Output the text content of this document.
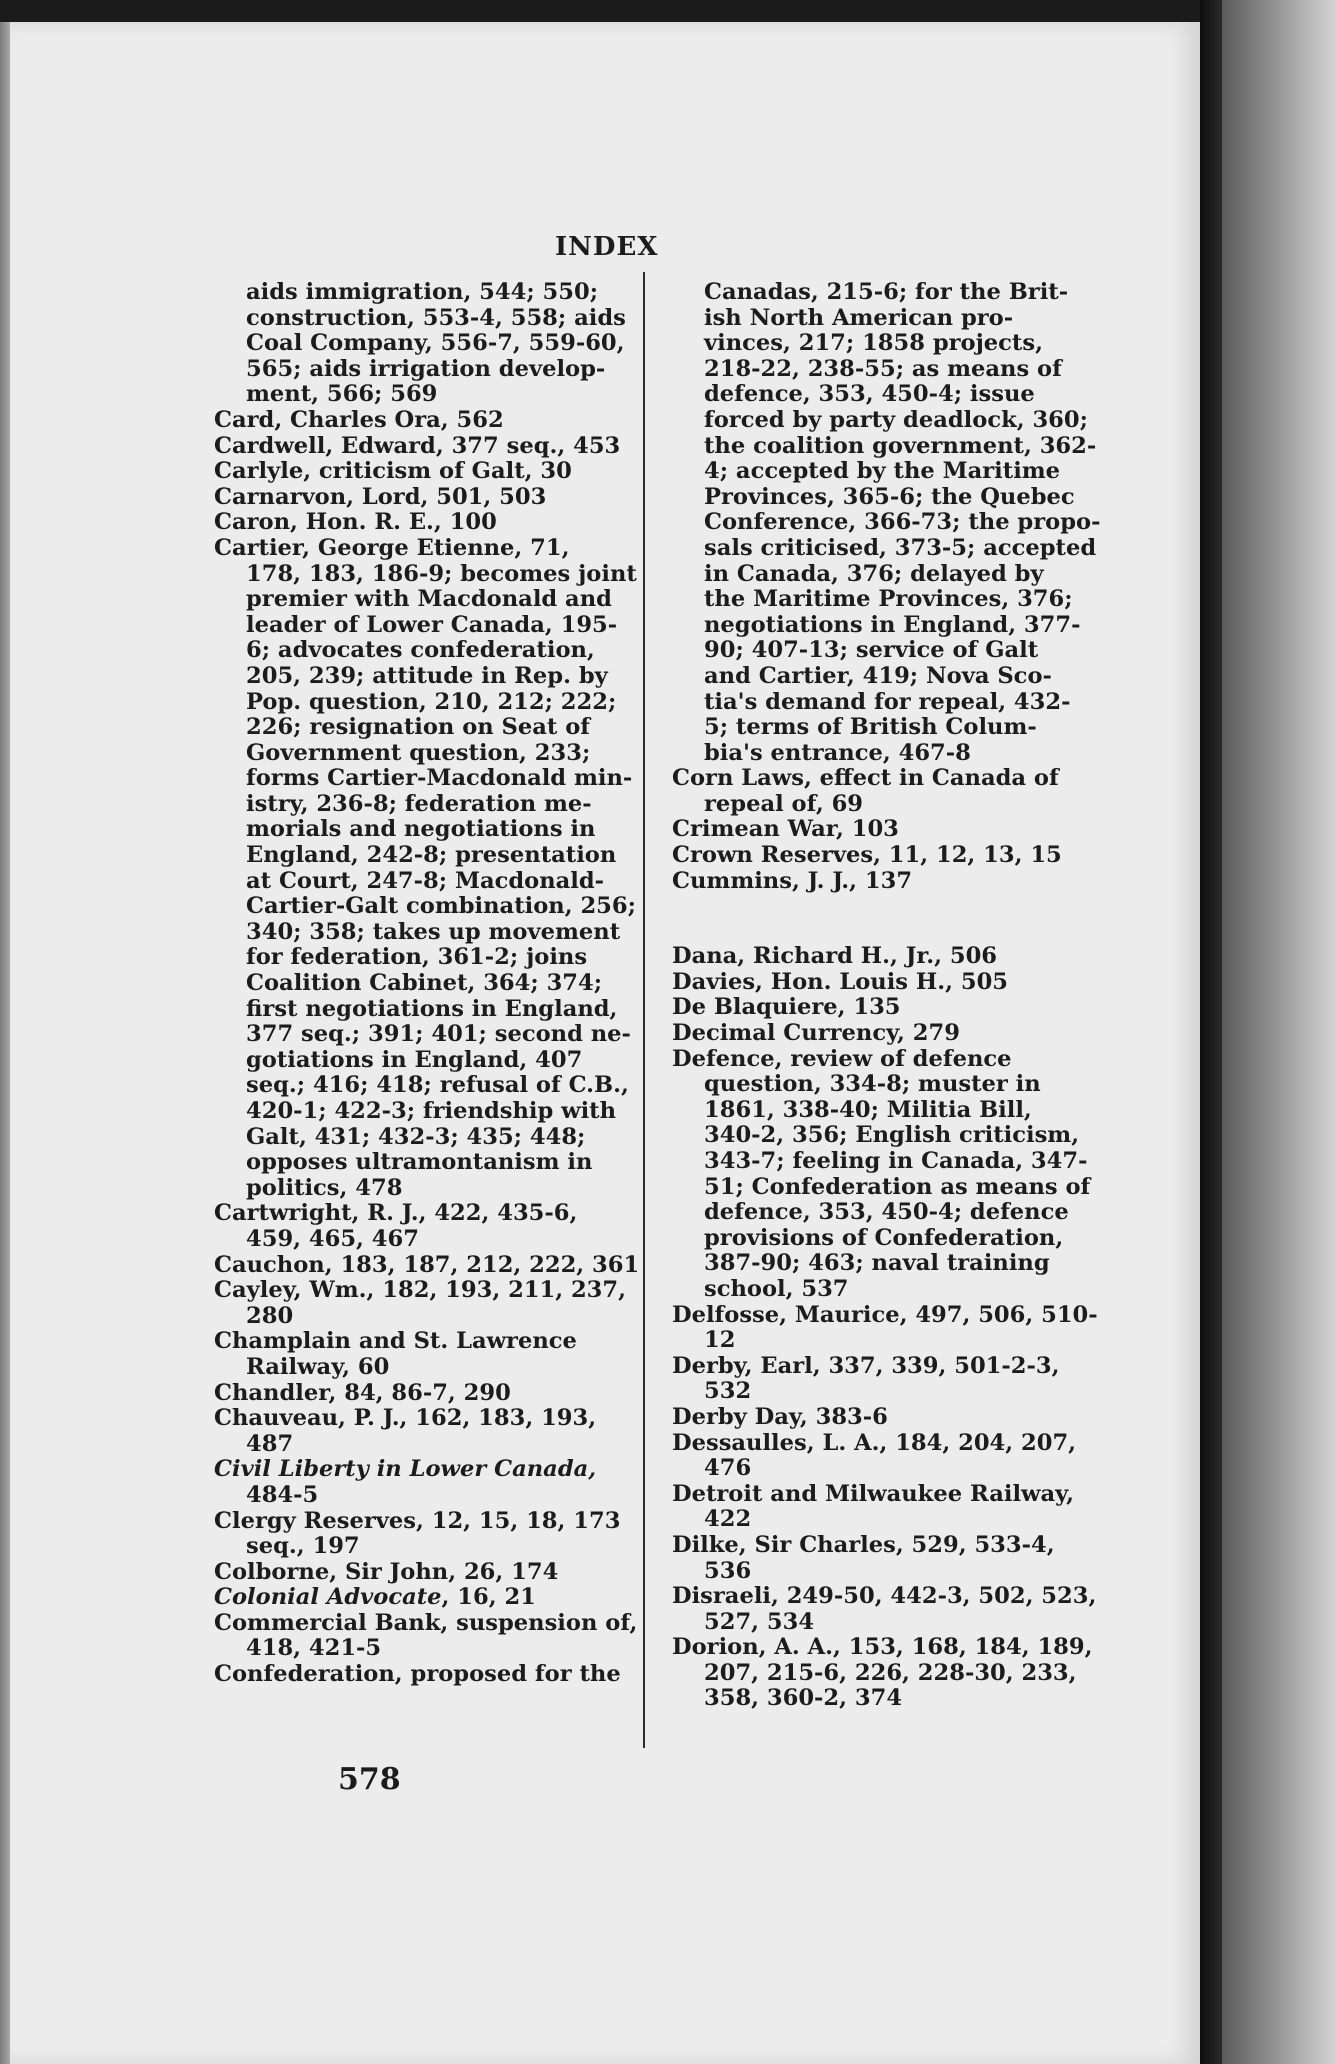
INDEX
aids immigration, 544; 550;
construction, 553-4, 558; aids
Coal Company, 556-7, 559-60,
565; aids irrigation develop-
ment, 566; 569
Card, Charles Ora, 562
Cardwell, Edward, 377 seq., 453
Carlyle, criticism of Galt, 30
Carnarvon, Lord, 501, 503
Caron, Hon. R. E., 100
Cartier, George Etienne, 71,
178, 183, 186-9; becomes joint
premier with Macdonald and
leader of Lower Canada, 195-
6; advocates confederation,
205, 239; attitude in Rep. by
Pop. question, 210, 212; 222;
226; resignation on Seat of
Government question, 233;
forms Cartier-Macdonald min-
istry, 236-8; federation me-
morials and negotiations in
England, 242-8; presentation
at Court, 247-8; Macdonald-
Cartier-Galt combination, 256;
340; 358; takes up movement
for federation, 361-2; joins
Coalition Cabinet, 364; 374;
first negotiations in England,
377 seq.; 391; 401; second ne-
gotiations in England, 407
seq.; 416; 418; refusal of C.B.,
420-1; 422-3; friendship with
Galt, 431; 432-3; 435; 448;
opposes ultramontanism in
politics, 478
Cartwright, R. J., 422, 435-6,
459, 465, 467
Cauchon, 183, 187, 212, 222, 361
Cayley, Wm., 182, 193, 211, 237,
280
Champlain and St. Lawrence
Railway, 60
Chandler, 84, 86-7, 290
Chauveau, P. J., 162, 183, 193,
487
Civil Liberty in Lower Canada,
484-5
Clergy Reserves, 12, 15, 18, 173
seq., 197
Colborne, Sir John, 26, 174
Colonial Advocate, 16, 21
Commercial Bank, suspension of,
418, 421-5
Confederation, proposed for the
Canadas, 215-6; for the Brit-
ish North American pro-
vinces, 217; 1858 projects,
218-22, 238-55; as means of
defence, 353, 450-4; issue
forced by party deadlock, 360;
the coalition government, 362-
4; accepted by the Maritime
Provinces, 365-6; the Quebec
Conference, 366-73; the propo-
sals criticised, 373-5; accepted
in Canada, 376; delayed by
the Maritime Provinces, 376;
negotiations in England, 377-
90; 407-13; service of Galt
and Cartier, 419; Nova Sco-
tia's demand for repeal, 432-
5; terms of British Colum-
bia's entrance, 467-8
Corn Laws, effect in Canada of
repeal of, 69
Crimean War, 103
Crown Reserves, 11, 12, 13, 15
Cummins, J. J., 137
Dana, Richard H., Jr., 506
Davies, Hon. Louis H., 505
De Blaquiere, 135
Decimal Currency, 279
Defence, review of defence
question, 334-8; muster in
1861, 338-40; Militia Bill,
340-2, 356; English criticism,
343-7; feeling in Canada, 347-
51; Confederation as means of
defence, 353, 450-4; defence
provisions of Confederation,
387-90; 463; naval training
school, 537
Delfosse, Maurice, 497, 506, 510-
12
Derby, Earl, 337, 339, 501-2-3,
532
Derby Day, 383-6
Dessaulles, L. A., 184, 204, 207,
476
Detroit and Milwaukee Railway,
422
Dilke, Sir Charles, 529, 533-4,
536
Disraeli, 249-50, 442-3, 502, 523,
527, 534
Dorion, A. A., 153, 168, 184, 189,
207, 215-6, 226, 228-30, 233,
358, 360-2, 374
578
